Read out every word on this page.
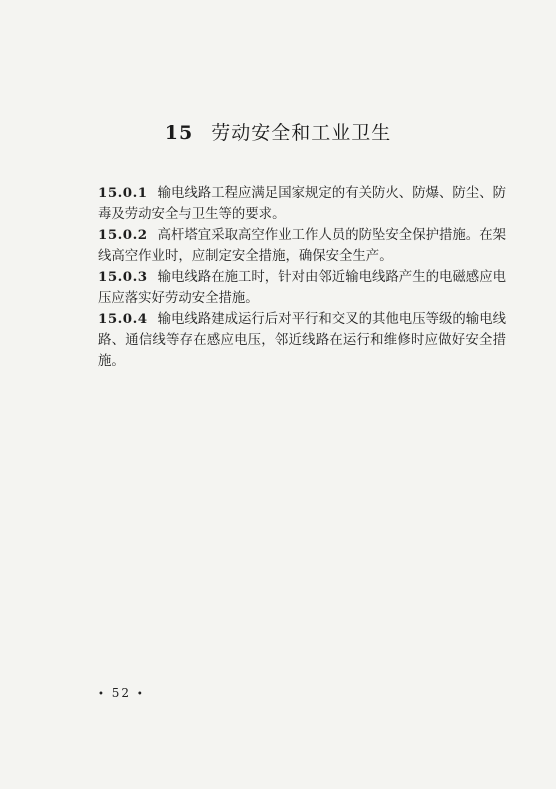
15 劳动安全和工业卫生

15.0.1 输电线路工程应满足国家规定的有关防火、防爆、防尘、防毒及劳动安全与卫生等的要求。

15.0.2 高杆塔宜采取高空作业工作人员的防坠安全保护措施。在架线高空作业时，应制定安全措施，确保安全生产。

15.0.3 输电线路在施工时，针对由邻近输电线路产生的电磁感应电压应落实好劳动安全措施。

15.0.4 输电线路建成运行后对平行和交叉的其他电压等级的输电线路、通信线等存在感应电压，邻近线路在运行和维修时应做好安全措施。

• 52 •
